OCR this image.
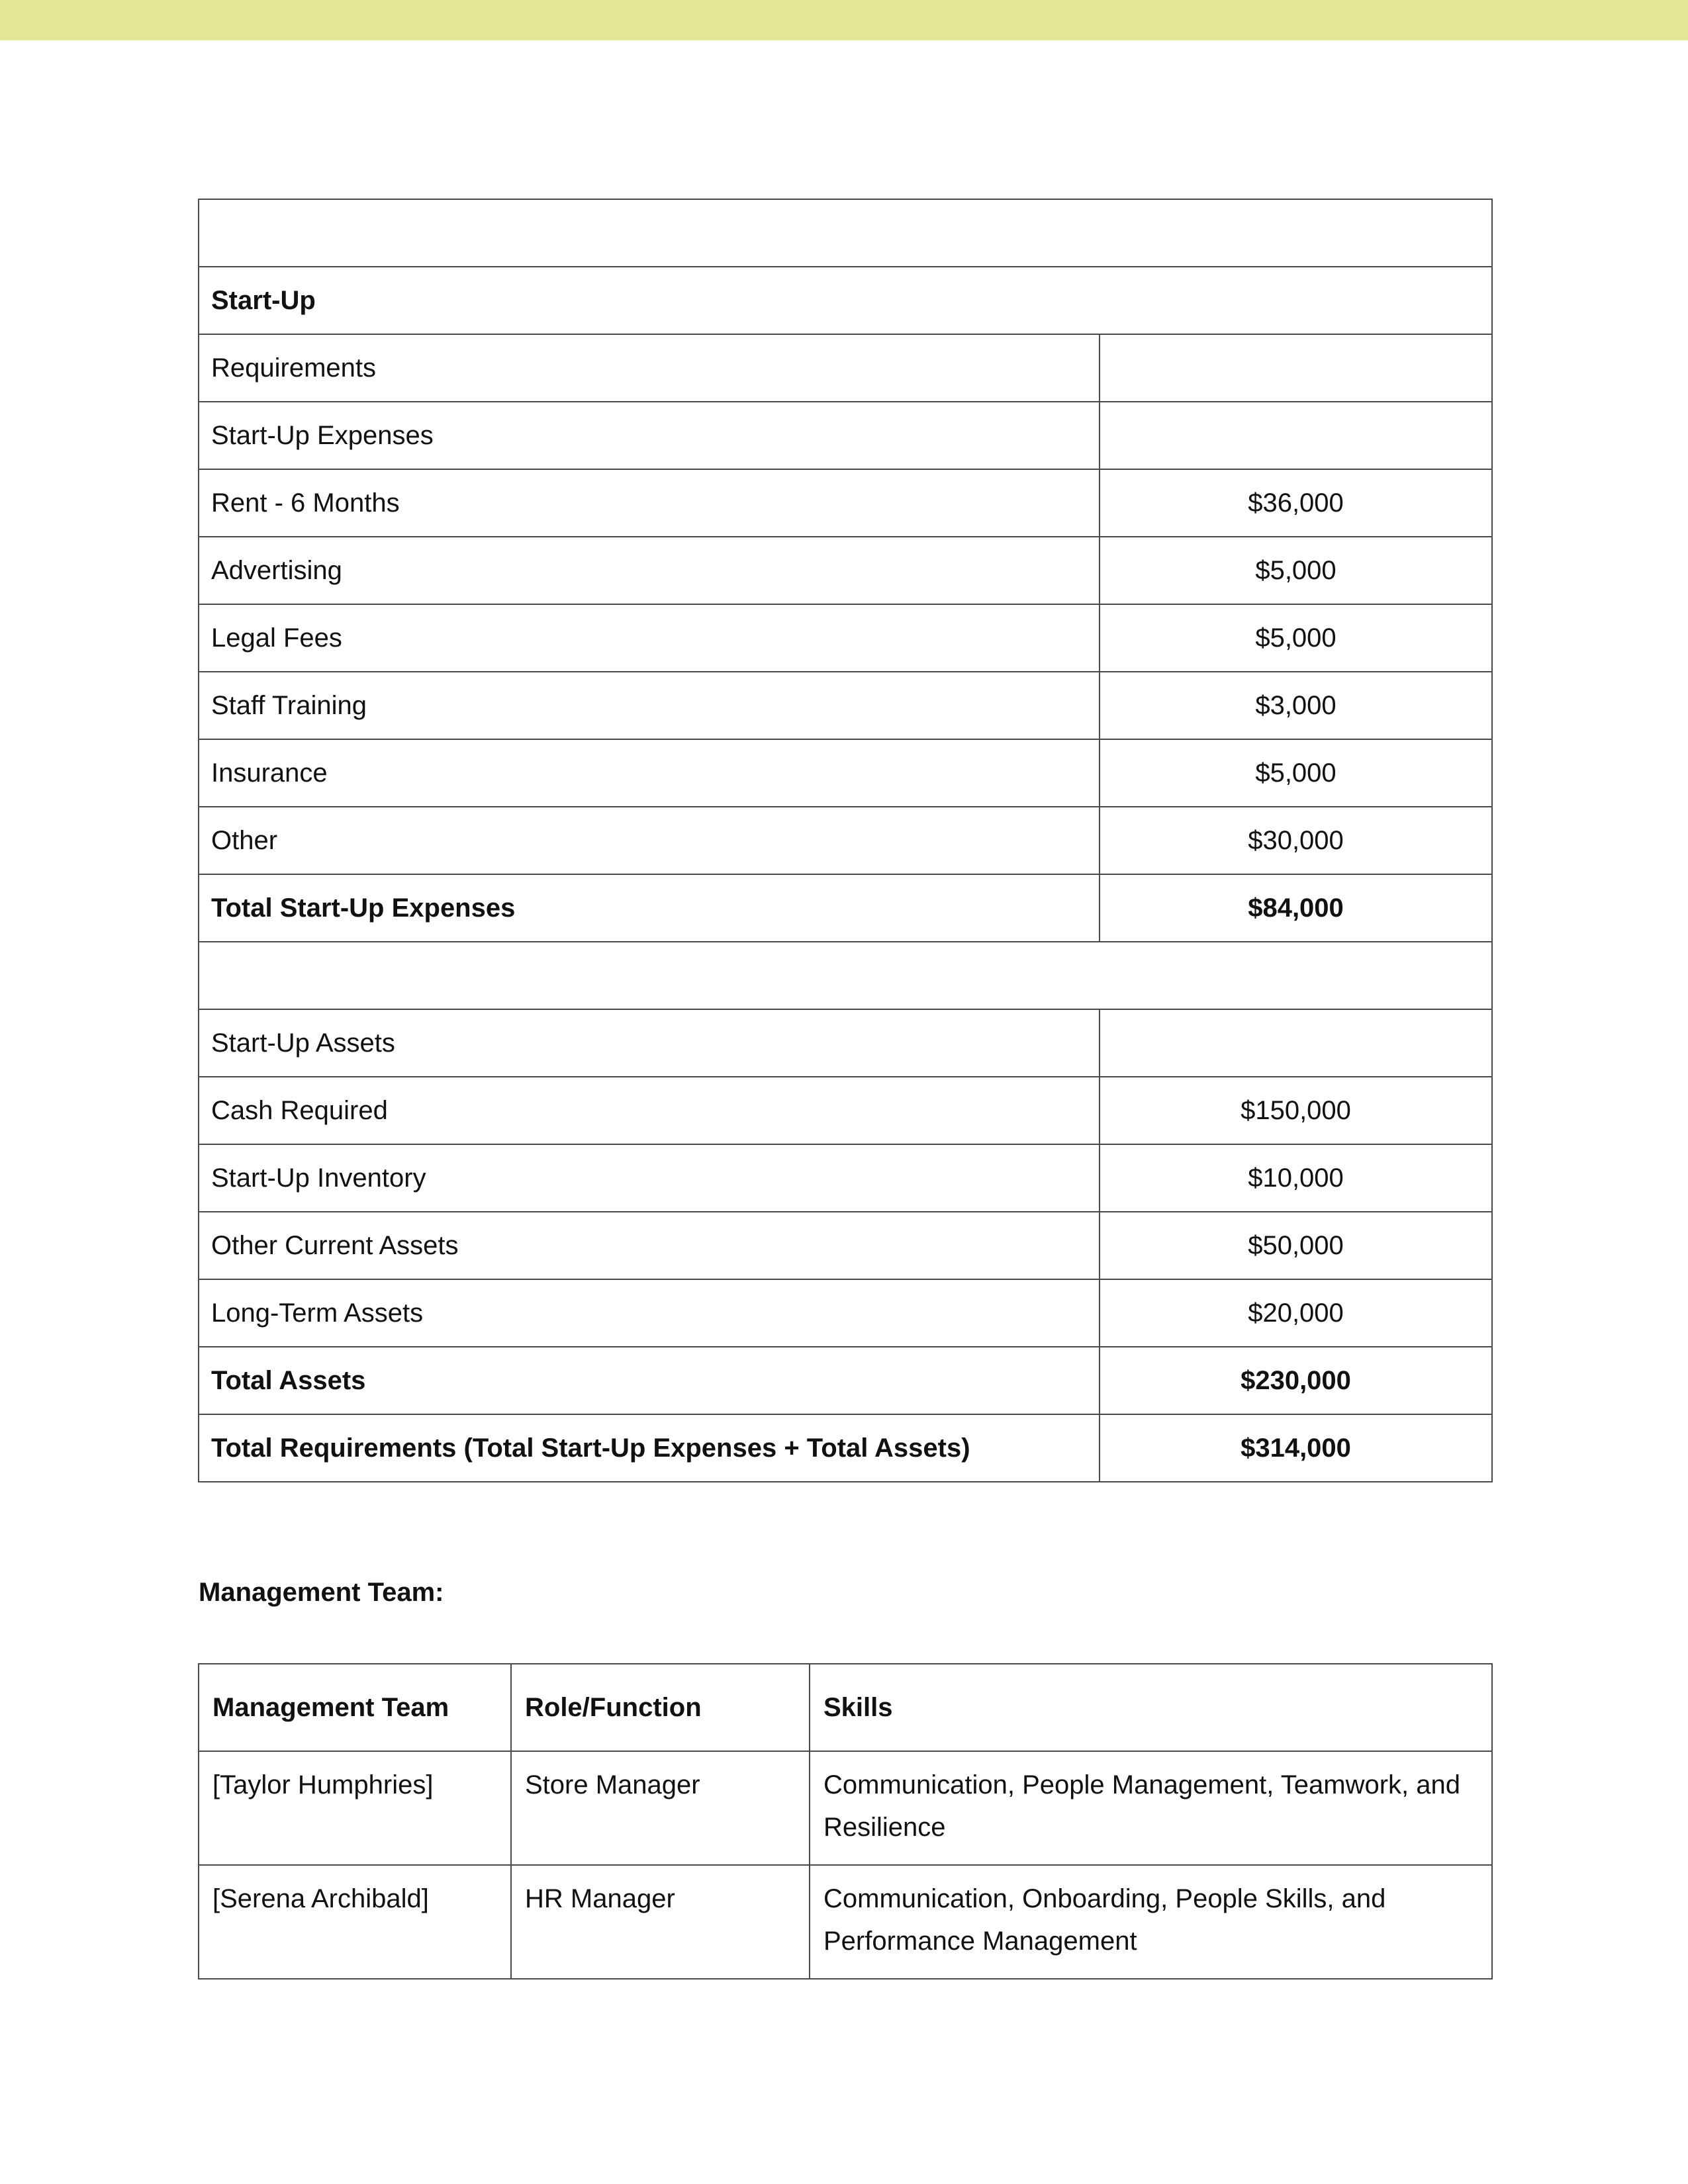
Start-Up	
Requirements	
Start-Up Expenses	
Rent - 6 Months	$36,000
Advertising	$5,000
Legal Fees	$5,000
Staff Training	$3,000
Insurance	$5,000
Other	$30,000
Total Start-Up Expenses	$84,000

Start-Up Assets	
Cash Required	$150,000
Start-Up Inventory	$10,000
Other Current Assets	$50,000
Long-Term Assets	$20,000
Total Assets	$230,000
Total Requirements (Total Start-Up Expenses + Total Assets)	$314,000

Management Team:

Management Team	Role/Function	Skills
[Taylor Humphries]	Store Manager	Communication, People Management, Teamwork, and Resilience
[Serena Archibald]	HR Manager	Communication, Onboarding, People Skills, and Performance Management
